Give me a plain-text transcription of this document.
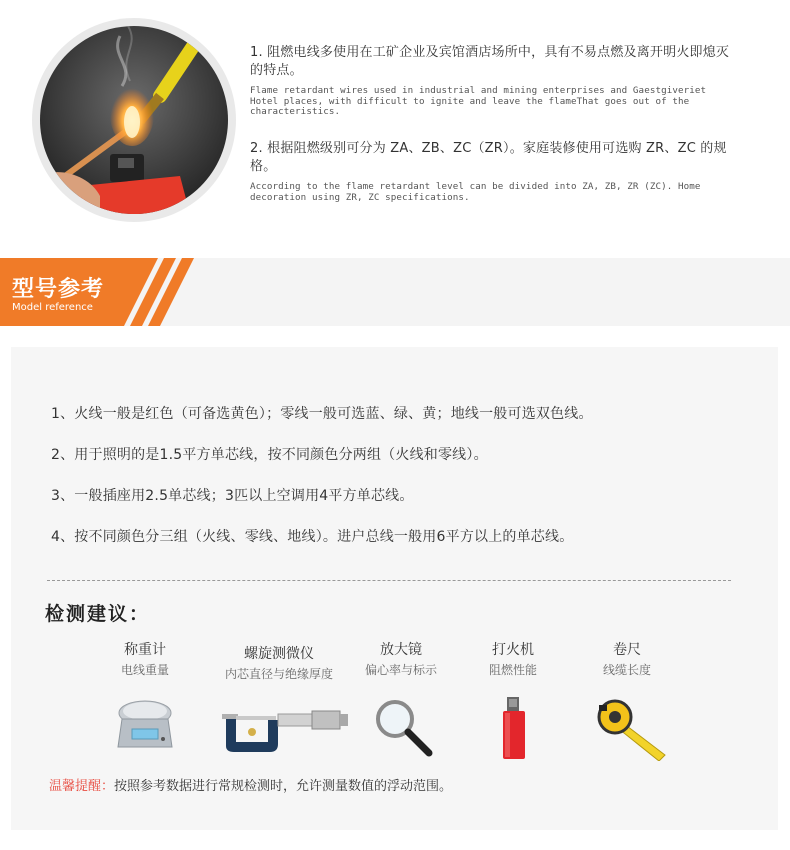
1. 阻燃电线多使用在工矿企业及宾馆酒店场所中，具有不易点燃及离开明火即熄灭的特点。

Flame retardant wires used in industrial and mining enterprises and Gaestgiveriet Hotel places, with difficult to ignite and leave the flameThat goes out of the characteristics.

2. 根据阻燃级别可分为 ZA、ZB、ZC（ZR）。家庭装修使用可选购 ZR、ZC 的规格。

According to the flame retardant level can be divided into ZA, ZB, ZR (ZC). Home decoration using ZR, ZC specifications.

型号参考
Model reference
1、火线一般是红色（可备选黄色）；零线一般可选蓝、绿、黄；地线一般可选双色线。
2、用于照明的是1.5平方单芯线，按不同颜色分两组（火线和零线）。
3、一般插座用2.5单芯线；3匹以上空调用4平方单芯线。
4、按不同颜色分三组（火线、零线、地线）。进户总线一般用6平方以上的单芯线。
检测建议：
称重计
电线重量
螺旋测微仪
内芯直径与绝缘厚度
放大镜
偏心率与标示
打火机
阻燃性能
卷尺
线缆长度
温馨提醒：按照参考数据进行常规检测时，允许测量数值的浮动范围。
